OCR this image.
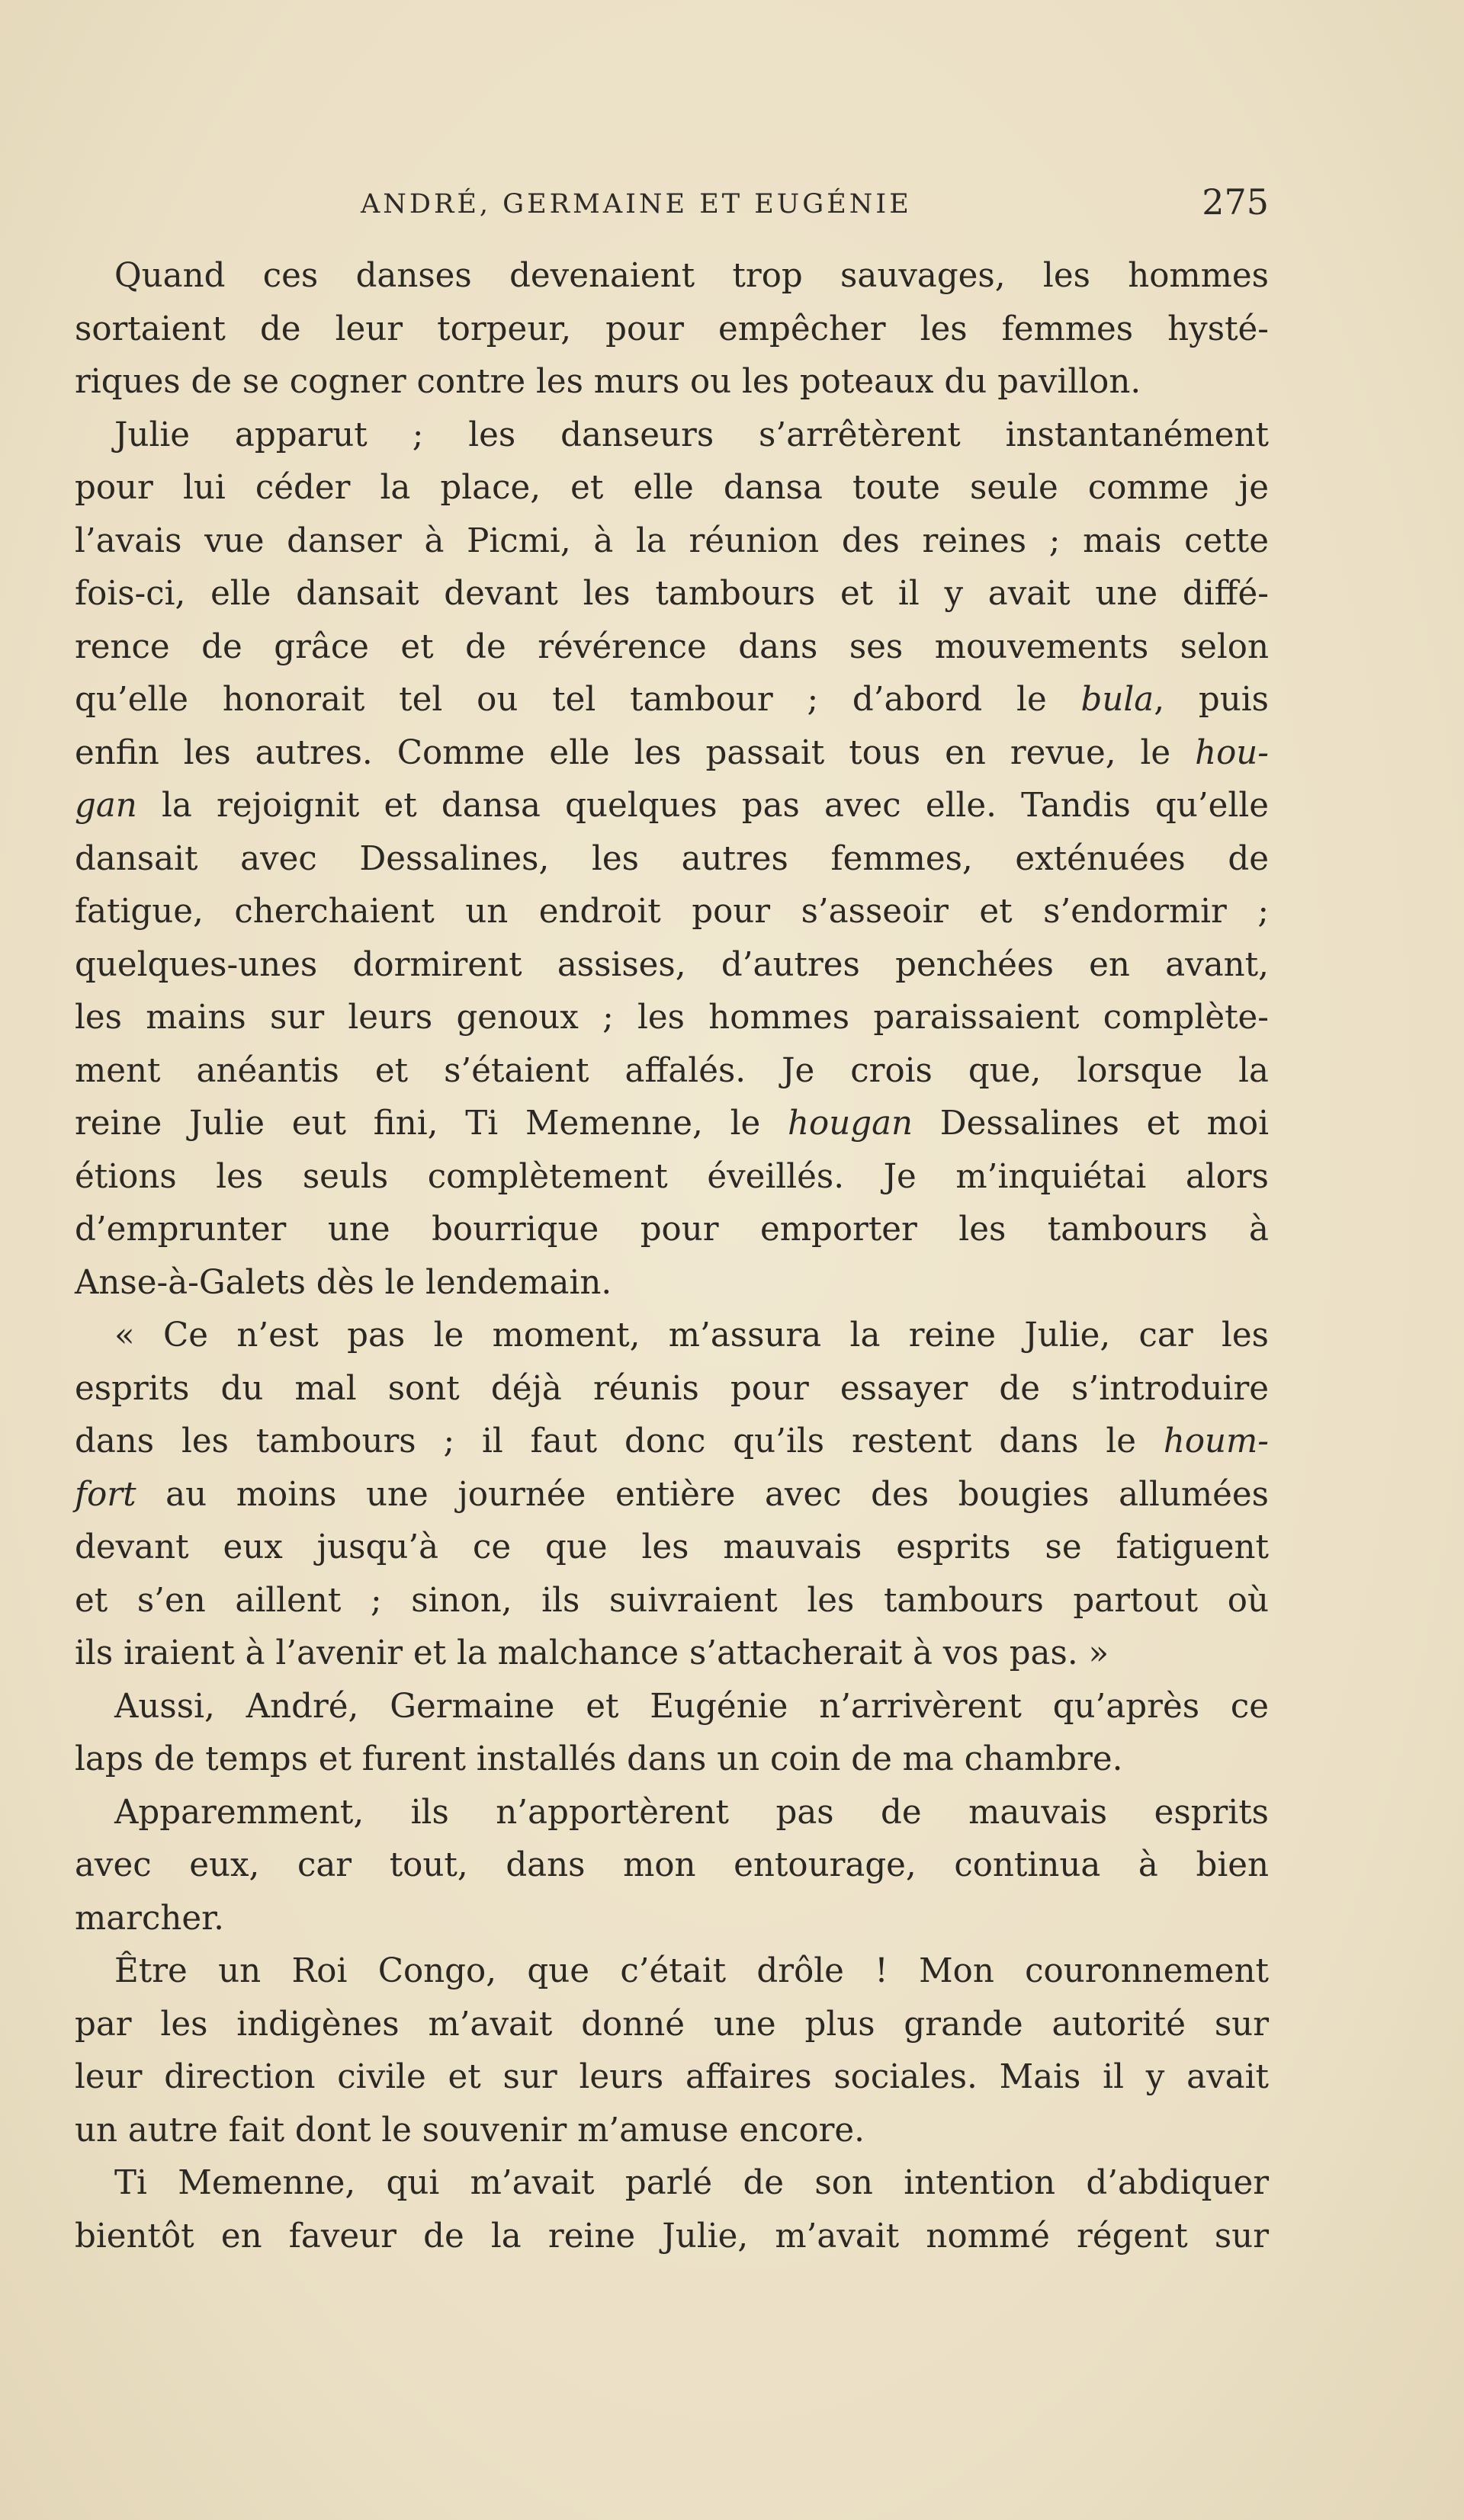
ANDRÉ, GERMAINE ET EUGÉNIE	275
Quand ces danses devenaient trop sauvages, les hommes
sortaient de leur torpeur, pour empêcher les femmes hysté-
riques de se cogner contre les murs ou les poteaux du pavillon.
Julie apparut ; les danseurs s’arrêtèrent instantanément
pour lui céder la place, et elle dansa toute seule comme je
l’avais vue danser à Picmi, à la réunion des reines ; mais cette
fois-ci, elle dansait devant les tambours et il y avait une diffé-
rence de grâce et de révérence dans ses mouvements selon
qu’elle honorait tel ou tel tambour ; d’abord le bula, puis
enfin les autres. Comme elle les passait tous en revue, le hou-
gan la rejoignit et dansa quelques pas avec elle. Tandis qu’elle
dansait avec Dessalines, les autres femmes, exténuées de
fatigue, cherchaient un endroit pour s’asseoir et s’endormir ;
quelques-unes dormirent assises, d’autres penchées en avant,
les mains sur leurs genoux ; les hommes paraissaient complète-
ment anéantis et s’étaient affalés. Je crois que, lorsque la
reine Julie eut fini, Ti Memenne, le hougan Dessalines et moi
étions les seuls complètement éveillés. Je m’inquiétai alors
d’emprunter une bourrique pour emporter les tambours à
Anse-à-Galets dès le lendemain.
« Ce n’est pas le moment, m’assura la reine Julie, car les
esprits du mal sont déjà réunis pour essayer de s’introduire
dans les tambours ; il faut donc qu’ils restent dans le houm-
fort au moins une journée entière avec des bougies allumées
devant eux jusqu’à ce que les mauvais esprits se fatiguent
et s’en aillent ; sinon, ils suivraient les tambours partout où
ils iraient à l’avenir et la malchance s’attacherait à vos pas. »
Aussi, André, Germaine et Eugénie n’arrivèrent qu’après ce
laps de temps et furent installés dans un coin de ma chambre.
Apparemment, ils n’apportèrent pas de mauvais esprits
avec eux, car tout, dans mon entourage, continua à bien
marcher.
Être un Roi Congo, que c’était drôle ! Mon couronnement
par les indigènes m’avait donné une plus grande autorité sur
leur direction civile et sur leurs affaires sociales. Mais il y avait
un autre fait dont le souvenir m’amuse encore.
Ti Memenne, qui m’avait parlé de son intention d’abdiquer
bientôt en faveur de la reine Julie, m’avait nommé régent sur
